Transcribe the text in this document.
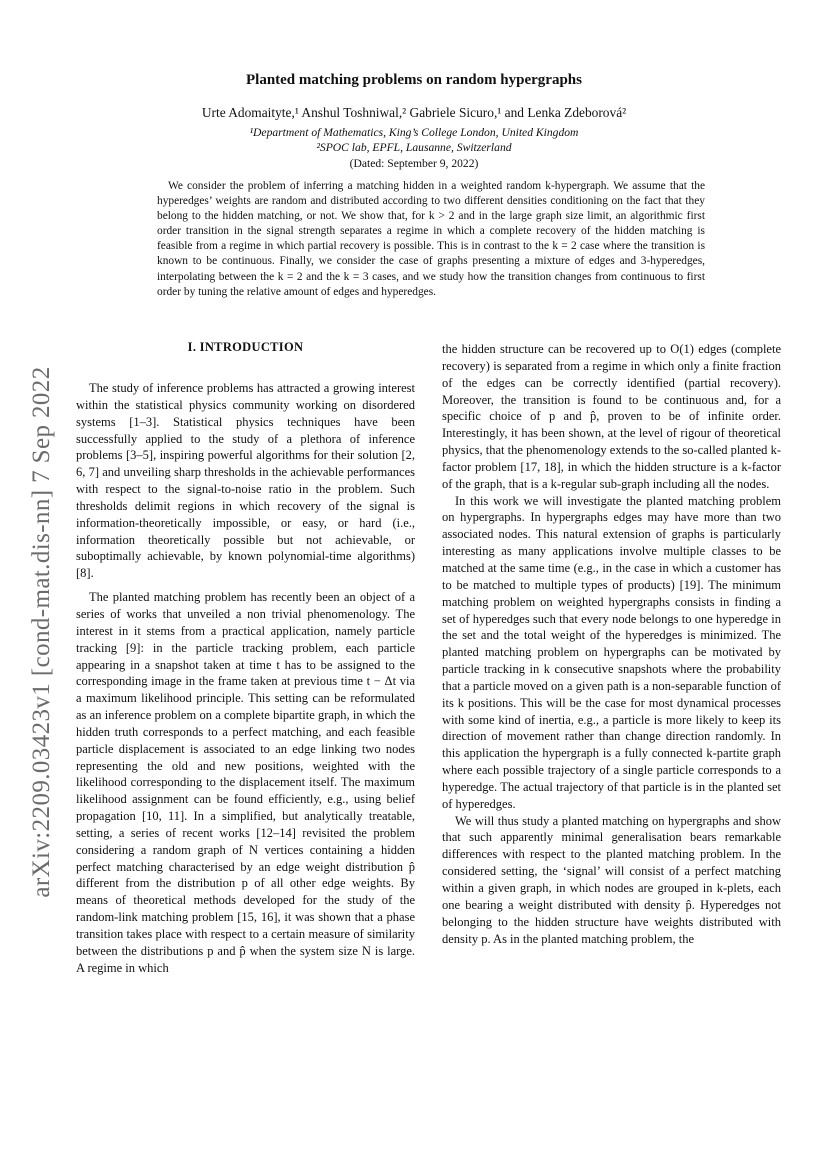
arXiv:2209.03423v1 [cond-mat.dis-nn] 7 Sep 2022
Planted matching problems on random hypergraphs
Urte Adomaityte,¹ Anshul Toshniwal,² Gabriele Sicuro,¹ and Lenka Zdeborová²
¹Department of Mathematics, King’s College London, United Kingdom
²SPOC lab, EPFL, Lausanne, Switzerland
(Dated: September 9, 2022)

We consider the problem of inferring a matching hidden in a weighted random k-hypergraph. We assume that the hyperedges’ weights are random and distributed according to two different densities conditioning on the fact that they belong to the hidden matching, or not. We show that, for k > 2 and in the large graph size limit, an algorithmic first order transition in the signal strength separates a regime in which a complete recovery of the hidden matching is feasible from a regime in which partial recovery is possible. This is in contrast to the k = 2 case where the transition is known to be continuous. Finally, we consider the case of graphs presenting a mixture of edges and 3-hyperedges, interpolating between the k = 2 and the k = 3 cases, and we study how the transition changes from continuous to first order by tuning the relative amount of edges and hyperedges.

I. INTRODUCTION

The study of inference problems has attracted a growing interest within the statistical physics community working on disordered systems [1–3]. Statistical physics techniques have been successfully applied to the study of a plethora of inference problems [3–5], inspiring powerful algorithms for their solution [2, 6, 7] and unveiling sharp thresholds in the achievable performances with respect to the signal-to-noise ratio in the problem. Such thresholds delimit regions in which recovery of the signal is information-theoretically impossible, or easy, or hard (i.e., information theoretically possible but not achievable, or suboptimally achievable, by known polynomial-time algorithms) [8].

The planted matching problem has recently been an object of a series of works that unveiled a non trivial phenomenology. The interest in it stems from a practical application, namely particle tracking [9]: in the particle tracking problem, each particle appearing in a snapshot taken at time t has to be assigned to the corresponding image in the frame taken at previous time t − Δt via a maximum likelihood principle. This setting can be reformulated as an inference problem on a complete bipartite graph, in which the hidden truth corresponds to a perfect matching, and each feasible particle displacement is associated to an edge linking two nodes representing the old and new positions, weighted with the likelihood corresponding to the displacement itself. The maximum likelihood assignment can be found efficiently, e.g., using belief propagation [10, 11]. In a simplified, but analytically treatable, setting, a series of recent works [12–14] revisited the problem considering a random graph of N vertices containing a hidden perfect matching characterised by an edge weight distribution p̂ different from the distribution p of all other edge weights. By means of theoretical methods developed for the study of the random-link matching problem [15, 16], it was shown that a phase transition takes place with respect to a certain measure of similarity between the distributions p and p̂ when the system size N is large. A regime in which

the hidden structure can be recovered up to O(1) edges (complete recovery) is separated from a regime in which only a finite fraction of the edges can be correctly identified (partial recovery). Moreover, the transition is found to be continuous and, for a specific choice of p and p̂, proven to be of infinite order. Interestingly, it has been shown, at the level of rigour of theoretical physics, that the phenomenology extends to the so-called planted k-factor problem [17, 18], in which the hidden structure is a k-factor of the graph, that is a k-regular sub-graph including all the nodes.

In this work we will investigate the planted matching problem on hypergraphs. In hypergraphs edges may have more than two associated nodes. This natural extension of graphs is particularly interesting as many applications involve multiple classes to be matched at the same time (e.g., in the case in which a customer has to be matched to multiple types of products) [19]. The minimum matching problem on weighted hypergraphs consists in finding a set of hyperedges such that every node belongs to one hyperedge in the set and the total weight of the hyperedges is minimized. The planted matching problem on hypergraphs can be motivated by particle tracking in k consecutive snapshots where the probability that a particle moved on a given path is a non-separable function of its k positions. This will be the case for most dynamical processes with some kind of inertia, e.g., a particle is more likely to keep its direction of movement rather than change direction randomly. In this application the hypergraph is a fully connected k-partite graph where each possible trajectory of a single particle corresponds to a hyperedge. The actual trajectory of that particle is in the planted set of hyperedges.

We will thus study a planted matching on hypergraphs and show that such apparently minimal generalisation bears remarkable differences with respect to the planted matching problem. In the considered setting, the ‘signal’ will consist of a perfect matching within a given graph, in which nodes are grouped in k-plets, each one bearing a weight distributed with density p̂. Hyperedges not belonging to the hidden structure have weights distributed with density p. As in the planted matching problem, the
